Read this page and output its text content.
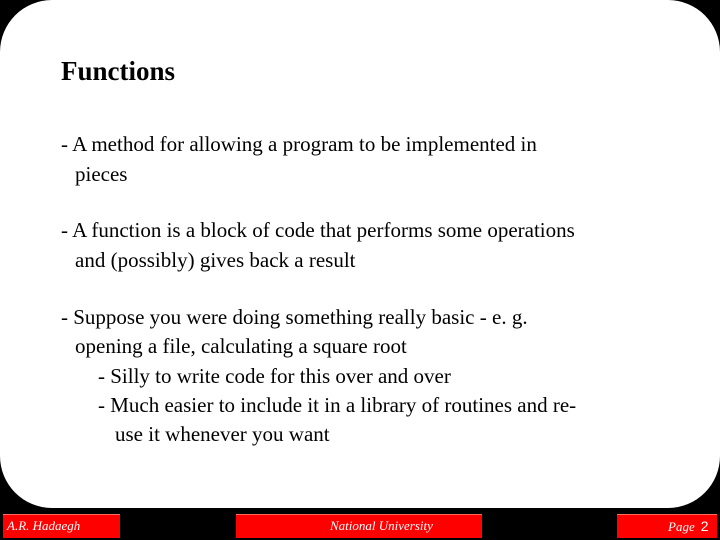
Functions
- A method for allowing a program to be implemented in
pieces
- A function is a block of code that performs some operations
and (possibly) gives back a result
- Suppose you were doing something really basic - e. g.
opening a file, calculating a square root
- Silly to write code for this over and over
- Much easier to include it in a library of routines and re-
use it whenever you want
A.R. Hadaegh	National University	Page 2
